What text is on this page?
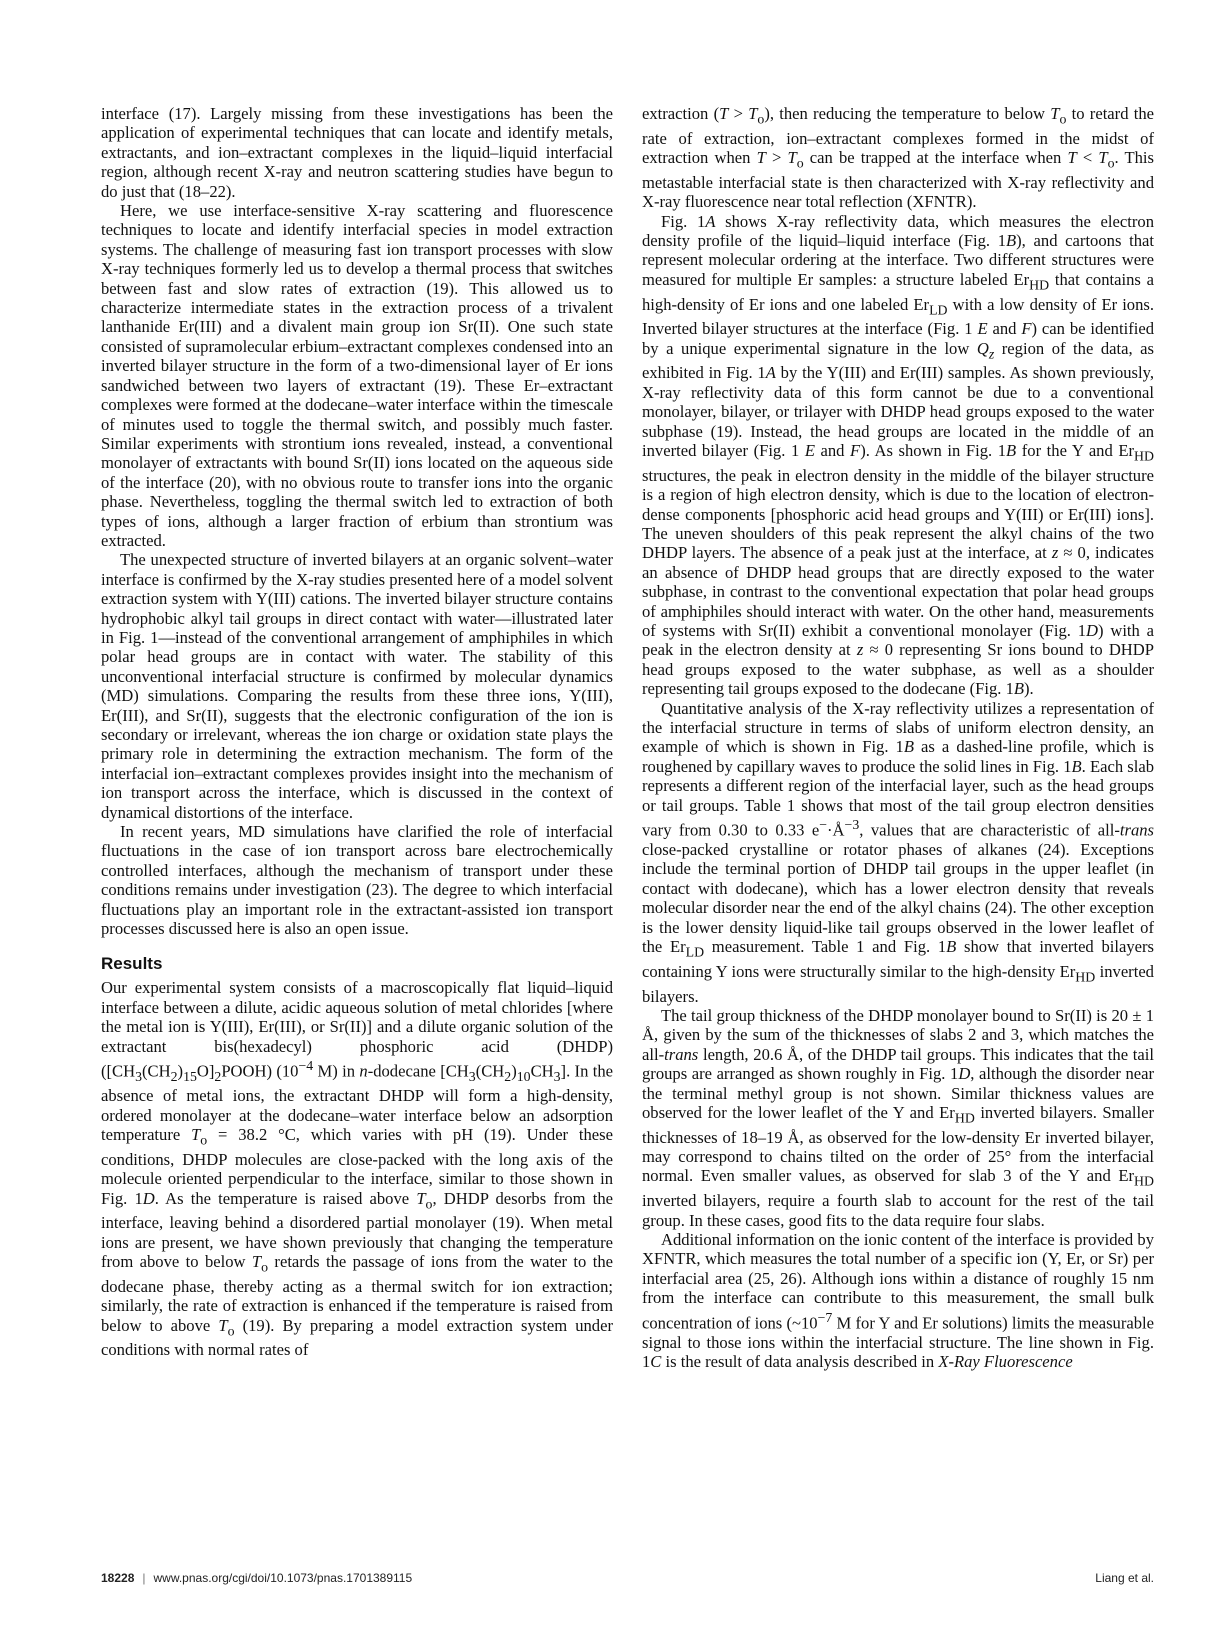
interface (17). Largely missing from these investigations has been the application of experimental techniques that can locate and identify metals, extractants, and ion–extractant complexes in the liquid–liquid interfacial region, although recent X-ray and neutron scattering studies have begun to do just that (18–22).

Here, we use interface-sensitive X-ray scattering and fluorescence techniques to locate and identify interfacial species in model extraction systems. The challenge of measuring fast ion transport processes with slow X-ray techniques formerly led us to develop a thermal process that switches between fast and slow rates of extraction (19). This allowed us to characterize intermediate states in the extraction process of a trivalent lanthanide Er(III) and a divalent main group ion Sr(II). One such state consisted of supramolecular erbium–extractant complexes condensed into an inverted bilayer structure in the form of a two-dimensional layer of Er ions sandwiched between two layers of extractant (19). These Er–extractant complexes were formed at the dodecane–water interface within the timescale of minutes used to toggle the thermal switch, and possibly much faster. Similar experiments with strontium ions revealed, instead, a conventional monolayer of extractants with bound Sr(II) ions located on the aqueous side of the interface (20), with no obvious route to transfer ions into the organic phase. Nevertheless, toggling the thermal switch led to extraction of both types of ions, although a larger fraction of erbium than strontium was extracted.

The unexpected structure of inverted bilayers at an organic solvent–water interface is confirmed by the X-ray studies presented here of a model solvent extraction system with Y(III) cations. The inverted bilayer structure contains hydrophobic alkyl tail groups in direct contact with water—illustrated later in Fig. 1—instead of the conventional arrangement of amphiphiles in which polar head groups are in contact with water. The stability of this unconventional interfacial structure is confirmed by molecular dynamics (MD) simulations. Comparing the results from these three ions, Y(III), Er(III), and Sr(II), suggests that the electronic configuration of the ion is secondary or irrelevant, whereas the ion charge or oxidation state plays the primary role in determining the extraction mechanism. The form of the interfacial ion–extractant complexes provides insight into the mechanism of ion transport across the interface, which is discussed in the context of dynamical distortions of the interface.

In recent years, MD simulations have clarified the role of interfacial fluctuations in the case of ion transport across bare electrochemically controlled interfaces, although the mechanism of transport under these conditions remains under investigation (23). The degree to which interfacial fluctuations play an important role in the extractant-assisted ion transport processes discussed here is also an open issue.

Results

Our experimental system consists of a macroscopically flat liquid–liquid interface between a dilute, acidic aqueous solution of metal chlorides [where the metal ion is Y(III), Er(III), or Sr(II)] and a dilute organic solution of the extractant bis(hexadecyl) phosphoric acid (DHDP) $([CH_3(CH_2)_{15}O]_2POOH)$ ($10^{-4}$ M) in n-dodecane $[CH_3(CH_2)_{10}CH_3]$. In the absence of metal ions, the extractant DHDP will form a high-density, ordered monolayer at the dodecane–water interface below an adsorption temperature $T_o = 38.2$ °C, which varies with pH (19). Under these conditions, DHDP molecules are close-packed with the long axis of the molecule oriented perpendicular to the interface, similar to those shown in Fig. 1D. As the temperature is raised above $T_o$, DHDP desorbs from the interface, leaving behind a disordered partial monolayer (19). When metal ions are present, we have shown previously that changing the temperature from above to below $T_o$ retards the passage of ions from the water to the dodecane phase, thereby acting as a thermal switch for ion extraction; similarly, the rate of extraction is enhanced if the temperature is raised from below to above $T_o$ (19). By preparing a model extraction system under conditions with normal rates of

extraction $(T > T_o)$, then reducing the temperature to below $T_o$ to retard the rate of extraction, ion–extractant complexes formed in the midst of extraction when $T > T_o$ can be trapped at the interface when $T < T_o$. This metastable interfacial state is then characterized with X-ray reflectivity and X-ray fluorescence near total reflection (XFNTR).

Fig. 1A shows X-ray reflectivity data, which measures the electron density profile of the liquid–liquid interface (Fig. 1B), and cartoons that represent molecular ordering at the interface. Two different structures were measured for multiple Er samples: a structure labeled $Er_{HD}$ that contains a high-density of Er ions and one labeled $Er_{LD}$ with a low density of Er ions. Inverted bilayer structures at the interface (Fig. 1 E and F) can be identified by a unique experimental signature in the low $Q_z$ region of the data, as exhibited in Fig. 1A by the Y(III) and Er(III) samples. As shown previously, X-ray reflectivity data of this form cannot be due to a conventional monolayer, bilayer, or trilayer with DHDP head groups exposed to the water subphase (19). Instead, the head groups are located in the middle of an inverted bilayer (Fig. 1 E and F). As shown in Fig. 1B for the Y and $Er_{HD}$ structures, the peak in electron density in the middle of the bilayer structure is a region of high electron density, which is due to the location of electron-dense components [phosphoric acid head groups and Y(III) or Er(III) ions]. The uneven shoulders of this peak represent the alkyl chains of the two DHDP layers. The absence of a peak just at the interface, at z ≈ 0, indicates an absence of DHDP head groups that are directly exposed to the water subphase, in contrast to the conventional expectation that polar head groups of amphiphiles should interact with water. On the other hand, measurements of systems with Sr(II) exhibit a conventional monolayer (Fig. 1D) with a peak in the electron density at z ≈ 0 representing Sr ions bound to DHDP head groups exposed to the water subphase, as well as a shoulder representing tail groups exposed to the dodecane (Fig. 1B).

Quantitative analysis of the X-ray reflectivity utilizes a representation of the interfacial structure in terms of slabs of uniform electron density, an example of which is shown in Fig. 1B as a dashed-line profile, which is roughened by capillary waves to produce the solid lines in Fig. 1B. Each slab represents a different region of the interfacial layer, such as the head groups or tail groups. Table 1 shows that most of the tail group electron densities vary from 0.30 to 0.33 $e^-\cdot Å^{-3}$, values that are characteristic of all-trans close-packed crystalline or rotator phases of alkanes (24). Exceptions include the terminal portion of DHDP tail groups in the upper leaflet (in contact with dodecane), which has a lower electron density that reveals molecular disorder near the end of the alkyl chains (24). The other exception is the lower density liquid-like tail groups observed in the lower leaflet of the $Er_{LD}$ measurement. Table 1 and Fig. 1B show that inverted bilayers containing Y ions were structurally similar to the high-density $Er_{HD}$ inverted bilayers.

The tail group thickness of the DHDP monolayer bound to Sr(II) is 20 ± 1 Å, given by the sum of the thicknesses of slabs 2 and 3, which matches the all-trans length, 20.6 Å, of the DHDP tail groups. This indicates that the tail groups are arranged as shown roughly in Fig. 1D, although the disorder near the terminal methyl group is not shown. Similar thickness values are observed for the lower leaflet of the Y and $Er_{HD}$ inverted bilayers. Smaller thicknesses of 18–19 Å, as observed for the low-density Er inverted bilayer, may correspond to chains tilted on the order of 25° from the interfacial normal. Even smaller values, as observed for slab 3 of the Y and $Er_{HD}$ inverted bilayers, require a fourth slab to account for the rest of the tail group. In these cases, good fits to the data require four slabs.

Additional information on the ionic content of the interface is provided by XFNTR, which measures the total number of a specific ion (Y, Er, or Sr) per interfacial area (25, 26). Although ions within a distance of roughly 15 nm from the interface can contribute to this measurement, the small bulk concentration of ions ($\sim 10^{-7}$ M for Y and Er solutions) limits the measurable signal to those ions within the interfacial structure. The line shown in Fig. 1C is the result of data analysis described in X-Ray Fluorescence

18228 | www.pnas.org/cgi/doi/10.1073/pnas.1701389115	Liang et al.
